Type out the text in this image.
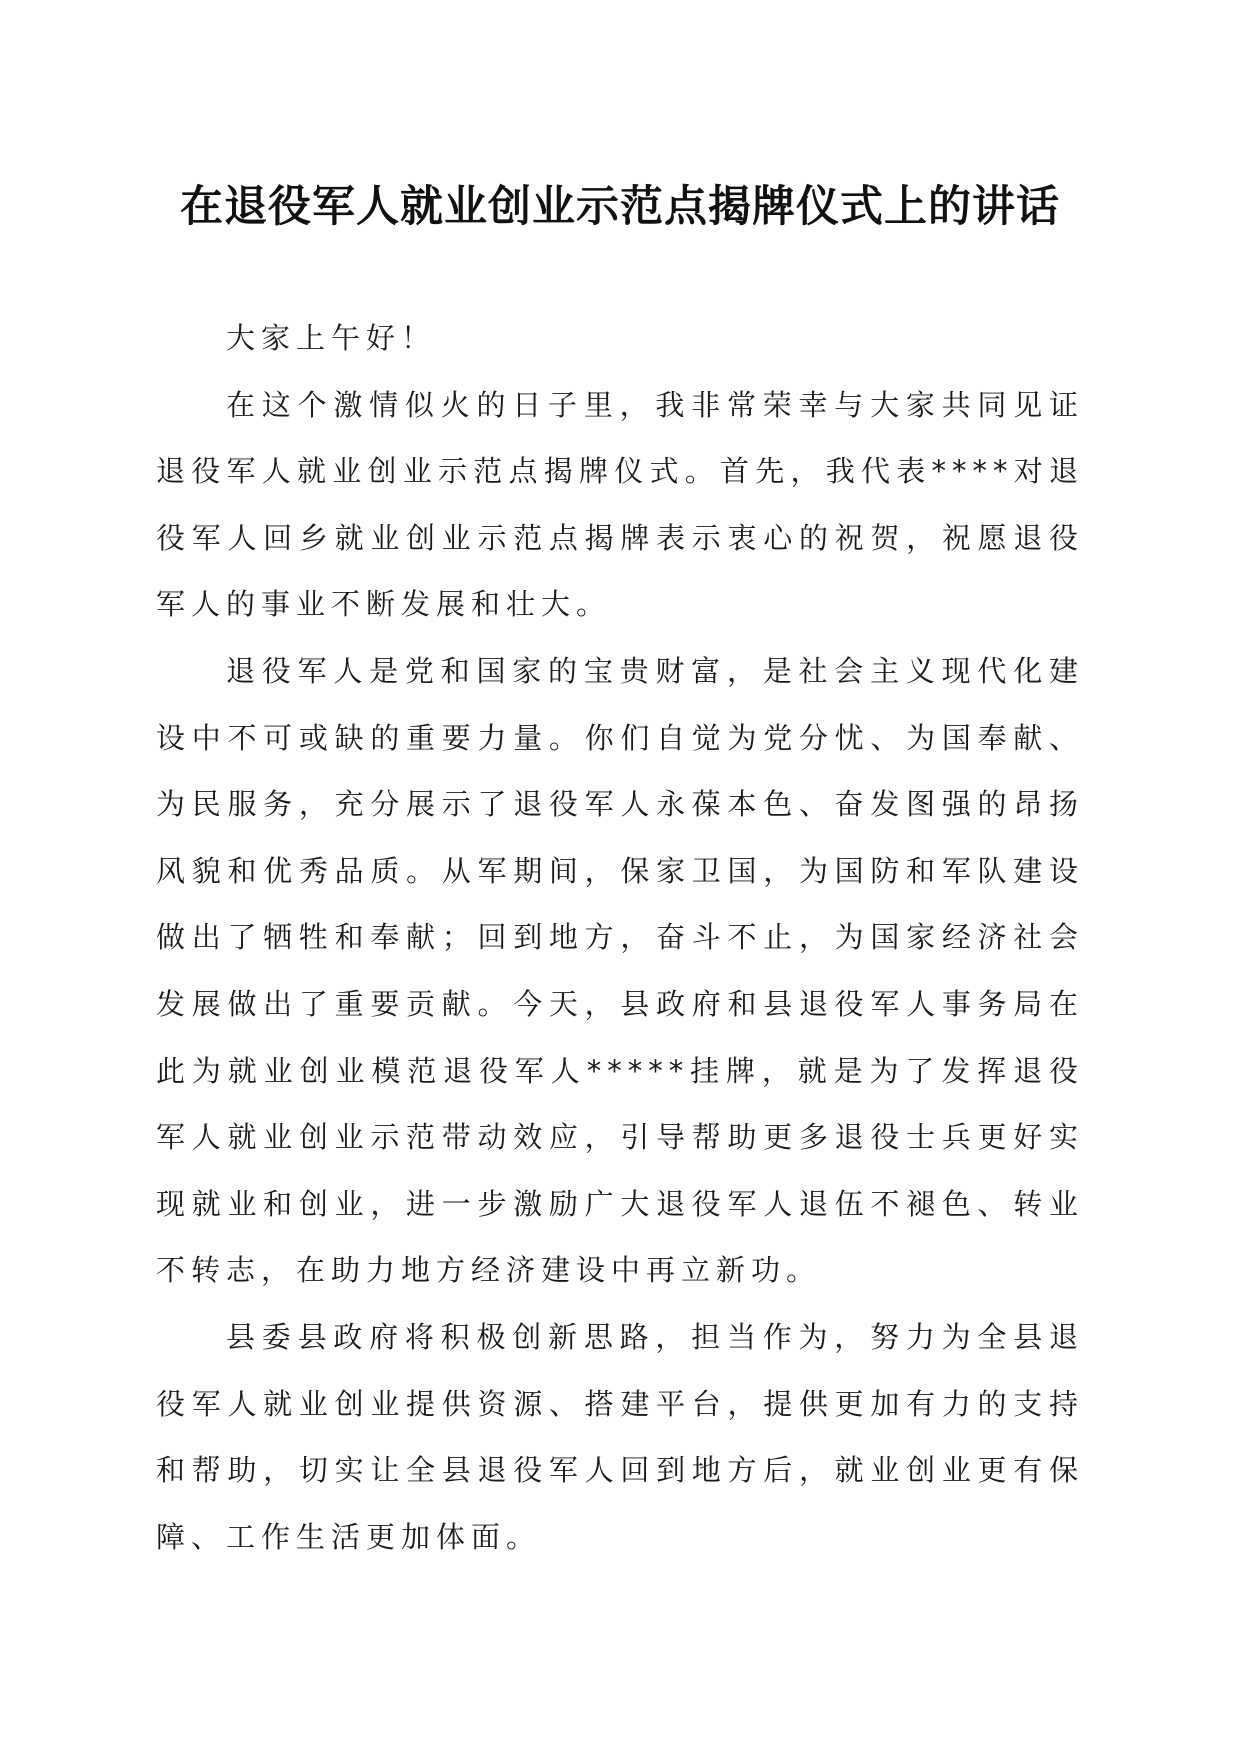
在退役军人就业创业示范点揭牌仪式上的讲话

大家上午好！

在这个激情似火的日子里，我非常荣幸与大家共同见证退役军人就业创业示范点揭牌仪式。首先，我代表****对退役军人回乡就业创业示范点揭牌表示衷心的祝贺，祝愿退役军人的事业不断发展和壮大。

退役军人是党和国家的宝贵财富，是社会主义现代化建设中不可或缺的重要力量。你们自觉为党分忧、为国奉献、为民服务，充分展示了退役军人永葆本色、奋发图强的昂扬风貌和优秀品质。从军期间，保家卫国，为国防和军队建设做出了牺牲和奉献；回到地方，奋斗不止，为国家经济社会发展做出了重要贡献。今天，县政府和县退役军人事务局在此为就业创业模范退役军人*****挂牌，就是为了发挥退役军人就业创业示范带动效应，引导帮助更多退役士兵更好实现就业和创业，进一步激励广大退役军人退伍不褪色、转业不转志，在助力地方经济建设中再立新功。

县委县政府将积极创新思路，担当作为，努力为全县退役军人就业创业提供资源、搭建平台，提供更加有力的支持和帮助，切实让全县退役军人回到地方后，就业创业更有保障、工作生活更加体面。
